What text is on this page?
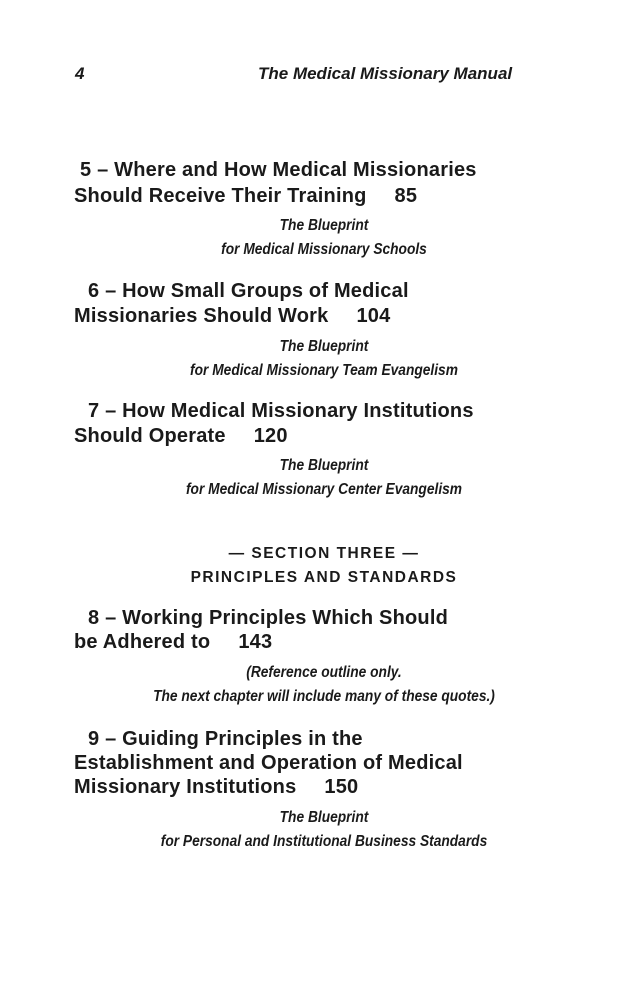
4	The Medical Missionary Manual
5 – Where and How Medical Missionaries
Should Receive Their Training 85
The Blueprint
for Medical Missionary Schools
6 – How Small Groups of Medical
Missionaries Should Work 104
The Blueprint
for Medical Missionary Team Evangelism
7 – How Medical Missionary Institutions
Should Operate 120
The Blueprint
for Medical Missionary Center Evangelism
— SECTION THREE —
PRINCIPLES AND STANDARDS
8 – Working Principles Which Should
be Adhered to 143
(Reference outline only.
The next chapter will include many of these quotes.)
9 – Guiding Principles in the
Establishment and Operation of Medical
Missionary Institutions 150
The Blueprint
for Personal and Institutional Business Standards
